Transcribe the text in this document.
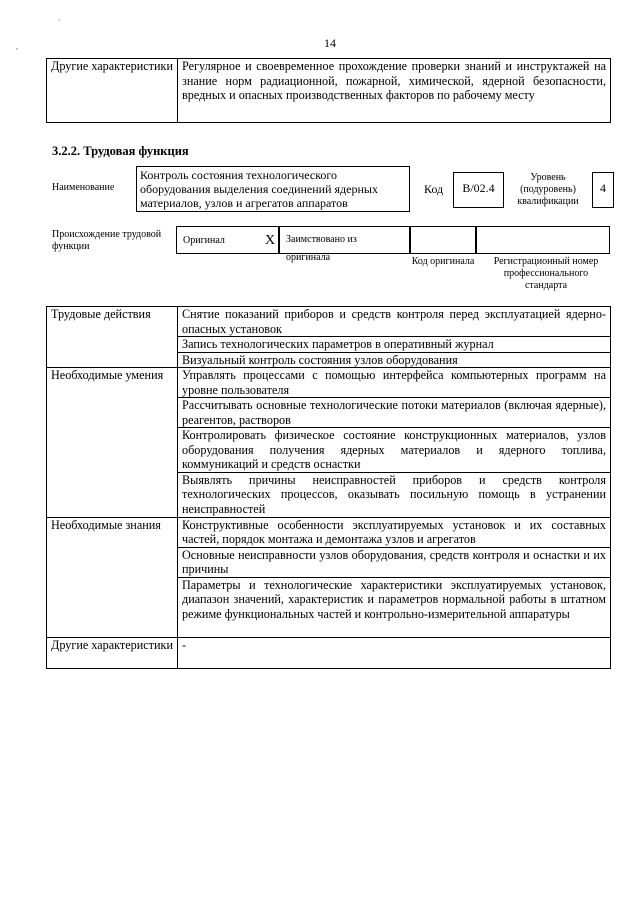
14
`
,
Другие характеристики	Регулярное и своевременное прохождение проверки знаний и инструктажей на знание норм радиационной, пожарной, химической, ядерной безопасности, вредных и опасных производственных факторов по рабочему месту
3.2.2. Трудовая функция
Наименование
Контроль состояния технологического оборудования выделения соединений ядерных материалов, узлов и агрегатов аппаратов
Код	В/02.4
Уровень (подуровень) квалификации
4
Происхождение трудовой функции
Оригинал	X	Заимствовано из оригинала	Код оригинала	Регистрационный номер профессионального стандарта
Трудовые действия	Снятие показаний приборов и средств контроля перед эксплуатацией ядерно-опасных установок
	Запись технологических параметров в оперативный журнал
	Визуальный контроль состояния узлов оборудования
Необходимые умения	Управлять процессами с помощью интерфейса компьютерных программ на уровне пользователя
	Рассчитывать основные технологические потоки материалов (включая ядерные), реагентов, растворов
	Контролировать физическое состояние конструкционных материалов, узлов оборудования получения ядерных материалов и ядерного топлива, коммуникаций и средств оснастки
	Выявлять причины неисправностей приборов и средств контроля технологических процессов, оказывать посильную помощь в устранении неисправностей
Необходимые знания	Конструктивные особенности эксплуатируемых установок и их составных частей, порядок монтажа и демонтажа узлов и агрегатов
	Основные неисправности узлов оборудования, средств контроля и оснастки и их причины
	Параметры и технологические характеристики эксплуатируемых установок, диапазон значений, характеристик и параметров нормальной работы в штатном режиме функциональных частей и контрольно-измерительной аппаратуры
Другие характеристики	-
